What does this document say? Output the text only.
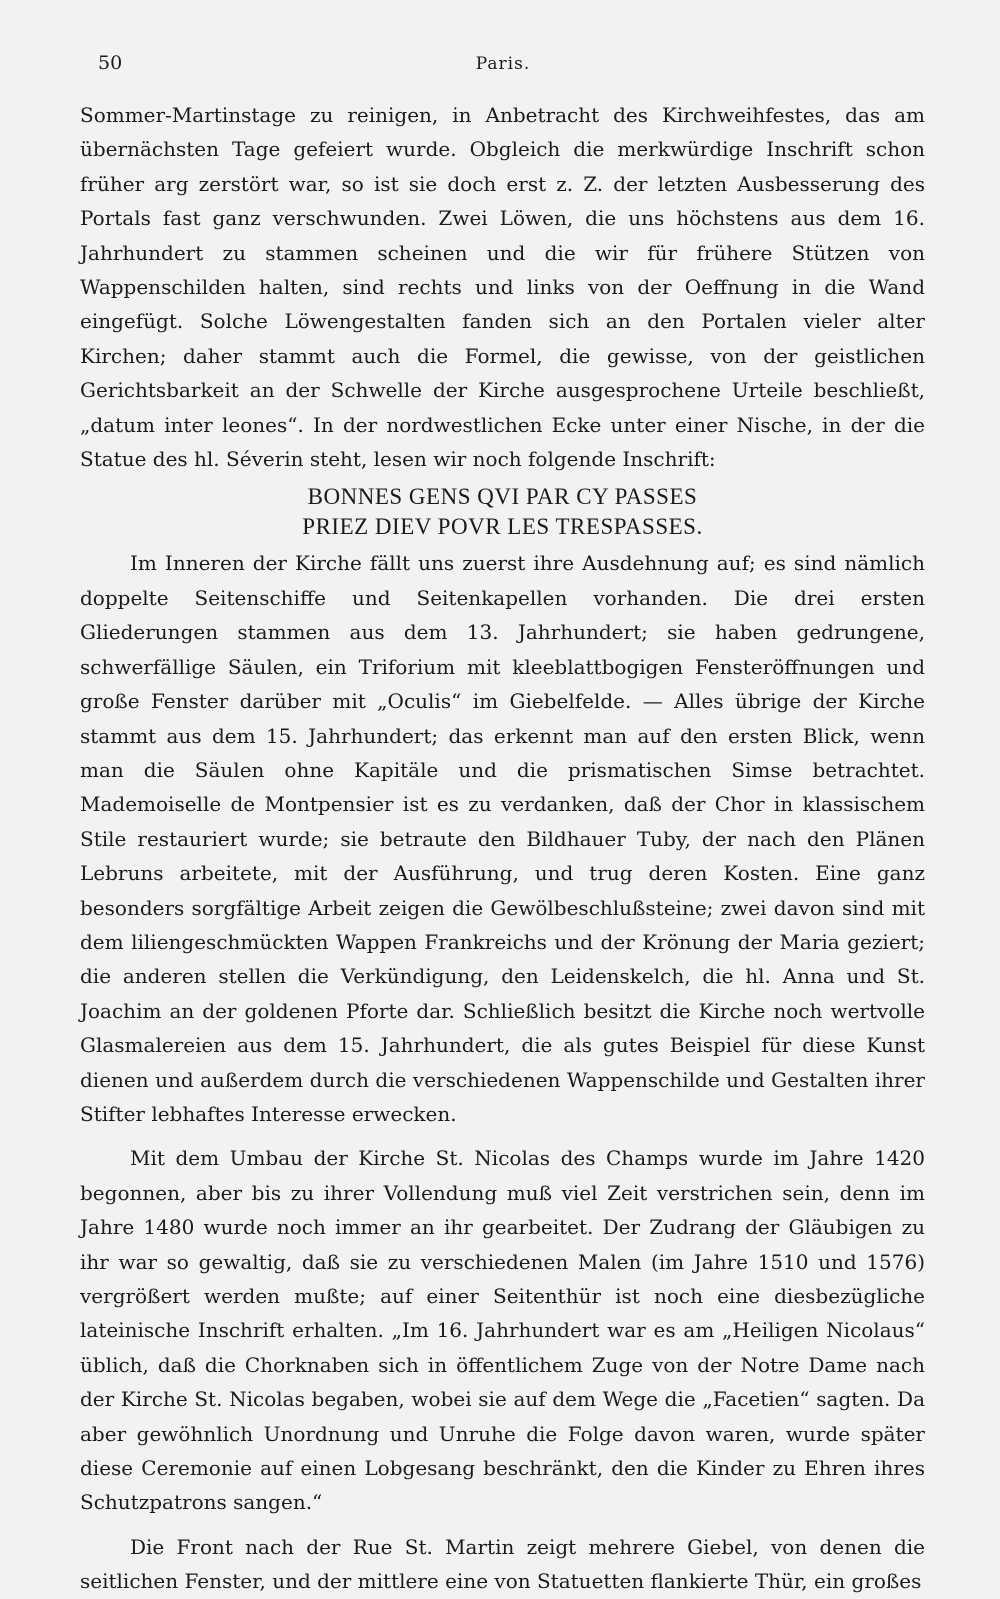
50	Paris.

Sommer-Martinstage zu reinigen, in Anbetracht des Kirchweihfestes, das am übernächsten Tage gefeiert wurde. Obgleich die merkwürdige Inschrift schon früher arg zerstört war, so ist sie doch erst z. Z. der letzten Ausbesserung des Portals fast ganz verschwunden. Zwei Löwen, die uns höchstens aus dem 16. Jahrhundert zu stammen scheinen und die wir für frühere Stützen von Wappenschilden halten, sind rechts und links von der Oeffnung in die Wand eingefügt. Solche Löwengestalten fanden sich an den Portalen vieler alter Kirchen; daher stammt auch die Formel, die gewisse, von der geistlichen Gerichtsbarkeit an der Schwelle der Kirche ausgesprochene Urteile beschließt, „datum inter leones“. In der nordwestlichen Ecke unter einer Nische, in der die Statue des hl. Séverin steht, lesen wir noch folgende Inschrift:

BONNES GENS QVI PAR CY PASSES
PRIEZ DIEV POVR LES TRESPASSES.

Im Inneren der Kirche fällt uns zuerst ihre Ausdehnung auf; es sind nämlich doppelte Seitenschiffe und Seitenkapellen vorhanden. Die drei ersten Gliederungen stammen aus dem 13. Jahrhundert; sie haben gedrungene, schwerfällige Säulen, ein Triforium mit kleeblattbogigen Fensteröffnungen und große Fenster darüber mit „Oculis“ im Giebelfelde. — Alles übrige der Kirche stammt aus dem 15. Jahrhundert; das erkennt man auf den ersten Blick, wenn man die Säulen ohne Kapitäle und die prismatischen Simse betrachtet. Mademoiselle de Montpensier ist es zu verdanken, daß der Chor in klassischem Stile restauriert wurde; sie betraute den Bildhauer Tuby, der nach den Plänen Lebruns arbeitete, mit der Ausführung, und trug deren Kosten. Eine ganz besonders sorgfältige Arbeit zeigen die Gewölbeschlußsteine; zwei davon sind mit dem liliengeschmückten Wappen Frankreichs und der Krönung der Maria geziert; die anderen stellen die Verkündigung, den Leidenskelch, die hl. Anna und St. Joachim an der goldenen Pforte dar. Schließlich besitzt die Kirche noch wertvolle Glasmalereien aus dem 15. Jahrhundert, die als gutes Beispiel für diese Kunst dienen und außerdem durch die verschiedenen Wappenschilde und Gestalten ihrer Stifter lebhaftes Interesse erwecken.

Mit dem Umbau der Kirche St. Nicolas des Champs wurde im Jahre 1420 begonnen, aber bis zu ihrer Vollendung muß viel Zeit verstrichen sein, denn im Jahre 1480 wurde noch immer an ihr gearbeitet. Der Zudrang der Gläubigen zu ihr war so gewaltig, daß sie zu verschiedenen Malen (im Jahre 1510 und 1576) vergrößert werden mußte; auf einer Seitenthür ist noch eine diesbezügliche lateinische Inschrift erhalten. „Im 16. Jahrhundert war es am „Heiligen Nicolaus“ üblich, daß die Chorknaben sich in öffentlichem Zuge von der Notre Dame nach der Kirche St. Nicolas begaben, wobei sie auf dem Wege die „Facetien“ sagten. Da aber gewöhnlich Unordnung und Unruhe die Folge davon waren, wurde später diese Ceremonie auf einen Lobgesang beschränkt, den die Kinder zu Ehren ihres Schutzpatrons sangen.“

Die Front nach der Rue St. Martin zeigt mehrere Giebel, von denen die seitlichen Fenster, und der mittlere eine von Statuetten flankierte Thür, ein großes
